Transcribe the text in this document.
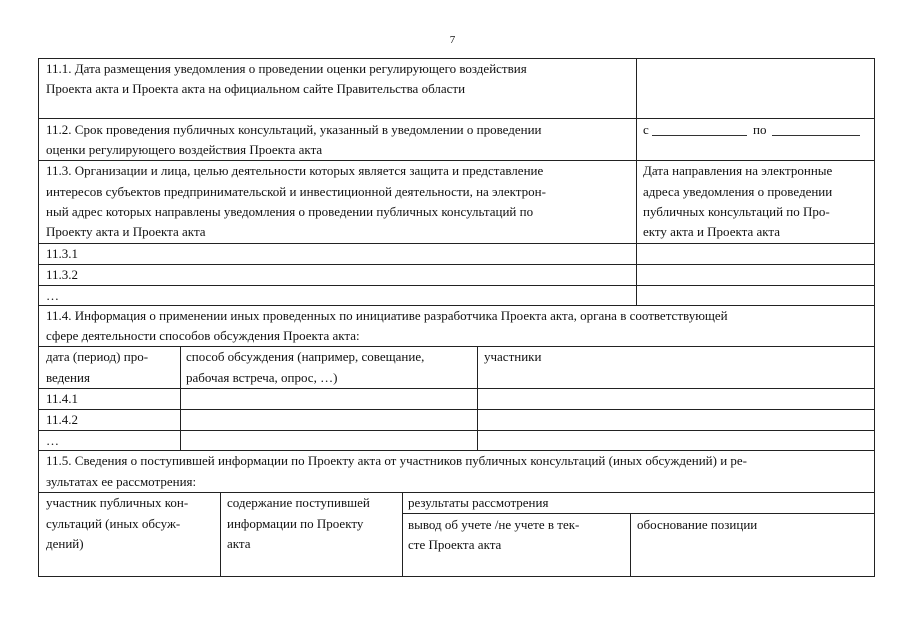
7
11.1. Дата размещения уведомления о проведении оценки регулирующего воздействия
Проекта акта и Проекта акта на официальном сайте Правительства области
11.2. Срок проведения публичных консультаций, указанный в уведомлении о проведении
оценки регулирующего воздействия Проекта акта
с	по
11.3. Организации и лица, целью деятельности которых является защита и представление
интересов субъектов предпринимательской и инвестиционной деятельности, на электрон-
ный адрес которых направлены уведомления о проведении публичных консультаций по
Проекту акта и Проекта акта
Дата направления на электронные
адреса уведомления о проведении
публичных консультаций по Про-
екту акта и Проекта акта
11.3.1
11.3.2
…
11.4. Информация о применении иных проведенных по инициативе разработчика Проекта акта, органа в соответствующей
сфере деятельности способов обсуждения Проекта акта:
дата (период) про-
ведения
способ обсуждения (например, совещание,
рабочая встреча, опрос, …)
участники
11.4.1
11.4.2
…
11.5. Сведения о поступившей информации по Проекту акта от участников публичных консультаций (иных обсуждений) и ре-
зультатах ее рассмотрения:
участник публичных кон-
сультаций (иных обсуж-
дений)
содержание поступившей
информации по Проекту
акта
результаты рассмотрения
вывод об учете /не учете в тек-
сте Проекта акта
обоснование позиции
